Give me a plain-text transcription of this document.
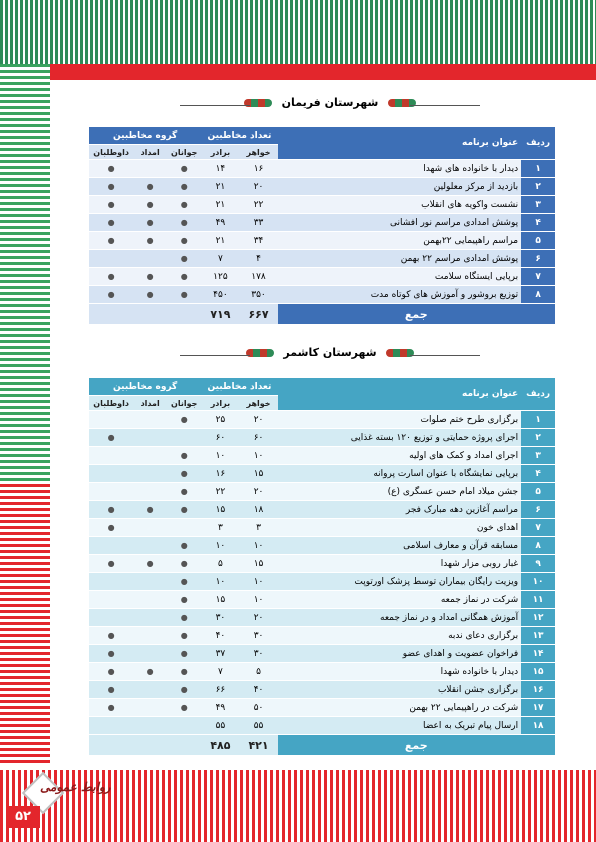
شهرستان فریمان
ردیف	عنوان برنامه	تعداد مخاطبین		گروه مخاطبین		
		خواهر	برادر	جوانان	امداد	داوطلبان
۱	دیدار با خانواده های شهدا	۱۶	۱۴	●		●
۲	بازدید از مرکز معلولین	۲۰	۲۱	●	●	●
۳	نشست واکویه های انقلاب	۲۲	۲۱	●	●	●
۴	پوشش امدادی مراسم نور افشانی	۳۳	۴۹	●	●	●
۵	مراسم راهپیمایی ۲۲بهمن	۳۴	۲۱	●	●	●
۶	پوشش امدادی مراسم ۲۲ بهمن	۴	۷	●		
۷	برپایی ایستگاه سلامت	۱۷۸	۱۲۵	●	●	●
۸	توزیع بروشور و آموزش های کوتاه مدت	۳۵۰	۴۵۰	●	●	●
جمع		۶۶۷	۷۱۹			
شهرستان کاشمر
ردیف	عنوان برنامه	تعداد مخاطبین		گروه مخاطبین		
		خواهر	برادر	جوانان	امداد	داوطلبان
۱	برگزاری طرح ختم صلوات	۲۰	۲۵	●		
۲	اجرای پروژه حمایتی و توزیع ۱۲۰ بسته غذایی	۶۰	۶۰			●
۳	اجرای امداد و کمک های اولیه	۱۰	۱۰	●		
۴	برپایی نمایشگاه با عنوان اسارت پروانه	۱۵	۱۶	●		
۵	جشن میلاد امام حسن عسگری (ع)	۲۰	۲۲	●		
۶	مراسم آغازین دهه مبارک فجر	۱۸	۱۵	●	●	●
۷	اهدای خون	۳	۳			●
۸	مسابقه قرآن و معارف اسلامی	۱۰	۱۰	●		
۹	غبار روبی مزار شهدا	۱۵	۵	●	●	●
۱۰	ویزیت رایگان بیماران توسط پزشک اورتوپت	۱۰	۱۰	●		
۱۱	شرکت در نماز جمعه	۱۰	۱۵	●		
۱۲	آموزش همگانی امداد و در نماز جمعه	۲۰	۳۰	●		
۱۳	برگزاری دعای ندبه	۳۰	۴۰	●		●
۱۴	فراخوان عضویت و اهدای عضو	۳۰	۳۷	●		●
۱۵	دیدار با خانواده شهدا	۵	۷	●	●	●
۱۶	برگزاری جشن انقلاب	۴۰	۶۶	●		●
۱۷	شرکت در راهپیمایی ۲۲ بهمن	۵۰	۴۹	●		●
۱۸	ارسال پیام تبریک به اعضا	۵۵	۵۵			
جمع		۴۲۱	۴۸۵			
روابط عمومی
۵۲
